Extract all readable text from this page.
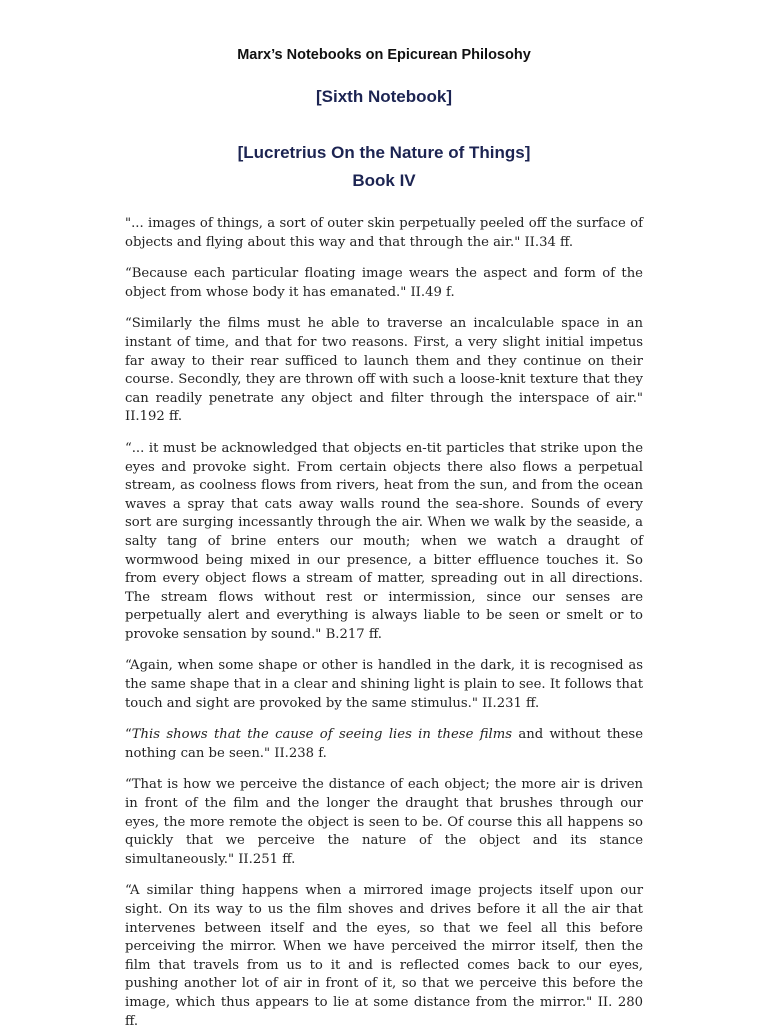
Marx’s Notebooks on Epicurean Philosohy

[Sixth Notebook]
[Lucretrius On the Nature of Things]
Book IV

"... images of things, a sort of outer skin perpetually peeled off the surface of objects and flying about this way and that through the air." II.34 ff.

“Because each particular floating image wears the aspect and form of the object from whose body it has emanated." II.49 f.

“Similarly the films must he able to traverse an incalculable space in an instant of time, and that for two reasons. First, a very slight initial impetus far away to their rear sufficed to launch them and they continue on their course. Secondly, they are thrown off with such a loose-knit texture that they can readily penetrate any object and filter through the interspace of air." II.192 ff.

“... it must be acknowledged that objects en-tit particles that strike upon the eyes and provoke sight. From certain objects there also flows a perpetual stream, as coolness flows from rivers, heat from the sun, and from the ocean waves a spray that cats away walls round the sea-shore. Sounds of every sort are surging incessantly through the air. When we walk by the seaside, a salty tang of brine enters our mouth; when we watch a draught of wormwood being mixed in our presence, a bitter effluence touches it. So from every object flows a stream of matter, spreading out in all directions. The stream flows without rest or intermission, since our senses are perpetually alert and everything is always liable to be seen or smelt or to provoke sensation by sound." B.217 ff.

“Again, when some shape or other is handled in the dark, it is recognised as the same shape that in a clear and shining light is plain to see. It follows that touch and sight are provoked by the same stimulus." II.231 ff.

“This shows that the cause of seeing lies in these films and without these nothing can be seen." II.238 f.

“That is how we perceive the distance of each object; the more air is driven in front of the film and the longer the draught that brushes through our eyes, the more remote the object is seen to be. Of course this all happens so quickly that we perceive the nature of the object and its stance simultaneously." II.251 ff.

“A similar thing happens when a mirrored image projects itself upon our sight. On its way to us the film shoves and drives before it all the air that intervenes between itself and the eyes, so that we feel all this before perceiving the mirror. When we have perceived the mirror itself, then the film that travels from us to it and is reflected comes back to our eyes, pushing another lot of air in front of it, so that we perceive this before the image, which thus appears to lie at some distance from the mirror." II. 280 ff.
